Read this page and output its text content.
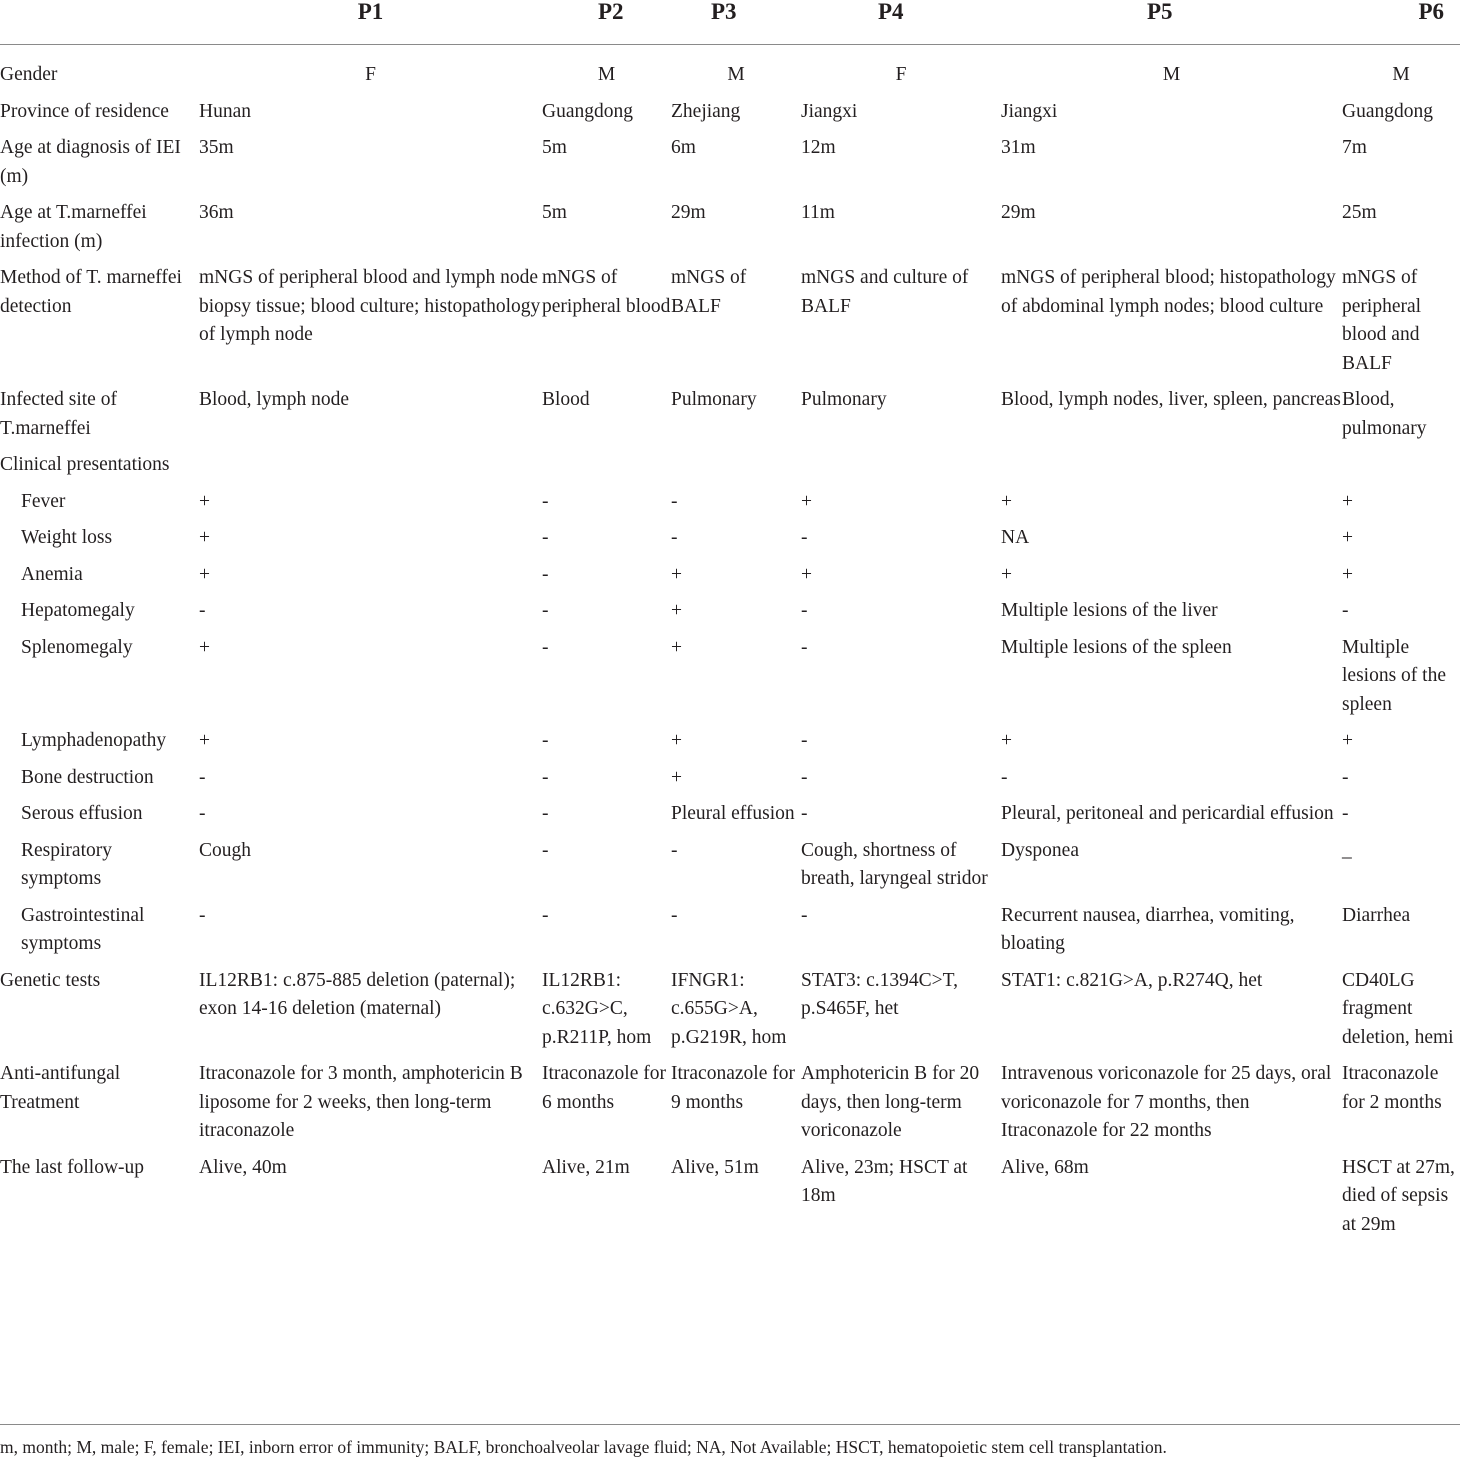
	P1	P2	P3	P4	P5	P6
Gender	F	M	M	F	M	M
Province of residence	Hunan	Guangdong	Zhejiang	Jiangxi	Jiangxi	Guangdong
Age at diagnosis of IEI (m)	35m	5m	6m	12m	31m	7m
Age at T.marneffei infection (m)	36m	5m	29m	11m	29m	25m
Method of T. marneffei detection	mNGS of peripheral blood and lymph node biopsy tissue; blood culture; histopathology of lymph node	mNGS of peripheral blood	mNGS of BALF	mNGS and culture of BALF	mNGS of peripheral blood; histopathology of abdominal lymph nodes; blood culture	mNGS of peripheral blood and BALF
Infected site of T.marneffei	Blood, lymph node	Blood	Pulmonary	Pulmonary	Blood, lymph nodes, liver, spleen, pancreas	Blood, pulmonary
Clinical presentations						
Fever	+	-	-	+	+	+
Weight loss	+	-	-	-	NA	+
Anemia	+	-	+	+	+	+
Hepatomegaly	-	-	+	-	Multiple lesions of the liver	-
Splenomegaly	+	-	+	-	Multiple lesions of the spleen	Multiple lesions of the spleen
Lymphadenopathy	+	-	+	-	+	+
Bone destruction	-	-	+	-	-	-
Serous effusion	-	-	Pleural effusion	-	Pleural, peritoneal and pericardial effusion	-
Respiratory symptoms	Cough	-	-	Cough, shortness of breath, laryngeal stridor	Dysponea	_
Gastrointestinal symptoms	-	-	-	-	Recurrent nausea, diarrhea, vomiting, bloating	Diarrhea
Genetic tests	IL12RB1: c.875-885 deletion (paternal); exon 14-16 deletion (maternal)	IL12RB1: c.632G>C, p.R211P, hom	IFNGR1: c.655G>A, p.G219R, hom	STAT3: c.1394C>T, p.S465F, het	STAT1: c.821G>A, p.R274Q, het	CD40LG fragment deletion, hemi
Anti-antifungal Treatment	Itraconazole for 3 month, amphotericin B liposome for 2 weeks, then long-term itraconazole	Itraconazole for 6 months	Itraconazole for 9 months	Amphotericin B for 20 days, then long-term voriconazole	Intravenous voriconazole for 25 days, oral voriconazole for 7 months, then Itraconazole for 22 months	Itraconazole for 2 months
The last follow-up	Alive, 40m	Alive, 21m	Alive, 51m	Alive, 23m; HSCT at 18m	Alive, 68m	HSCT at 27m, died of sepsis at 29m
m, month; M, male; F, female; IEI, inborn error of immunity; BALF, bronchoalveolar lavage fluid; NA, Not Available; HSCT, hematopoietic stem cell transplantation.
